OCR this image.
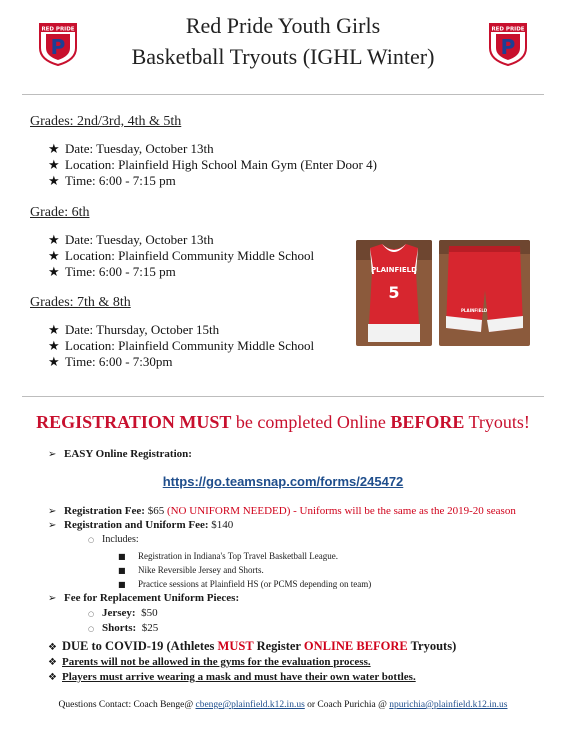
RED PRIDE
P
RED PRIDE
P
Red Pride Youth Girls
Basketball Tryouts (IGHL Winter)
Grades: 2nd/3rd, 4th & 5th
★ Date: Tuesday, October 13th
★ Location: Plainfield High School Main Gym (Enter Door 4)
★ Time: 6:00 - 7:15 pm
Grade: 6th
★ Date: Tuesday, October 13th
★ Location: Plainfield Community Middle School
★ Time: 6:00 - 7:15 pm
Grades: 7th & 8th
★ Date: Thursday, October 15th
★ Location: Plainfield Community Middle School
★ Time: 6:00 - 7:30pm
PLAINFIELD
5
PLAINFIELD
REGISTRATION MUST be completed Online BEFORE Tryouts!
➢ EASY Online Registration:
https://go.teamsnap.com/forms/245472
➢ Registration Fee: $65 (NO UNIFORM NEEDED) - Uniforms will be the same as the 2019-20 season
➢ Registration and Uniform Fee: $140
○ Includes:
■ Registration in Indiana's Top Travel Basketball League.
■ Nike Reversible Jersey and Shorts.
■ Practice sessions at Plainfield HS (or PCMS depending on team)
➢ Fee for Replacement Uniform Pieces:
○ Jersey: $50
○ Shorts: $25
❖ DUE to COVID-19 (Athletes MUST Register ONLINE BEFORE Tryouts)
❖ Parents will not be allowed in the gyms for the evaluation process.
❖ Players must arrive wearing a mask and must have their own water bottles.
Questions Contact: Coach Benge@ cbenge@plainfield.k12.in.us or Coach Purichia @ npurichia@plainfield.k12.in.us
